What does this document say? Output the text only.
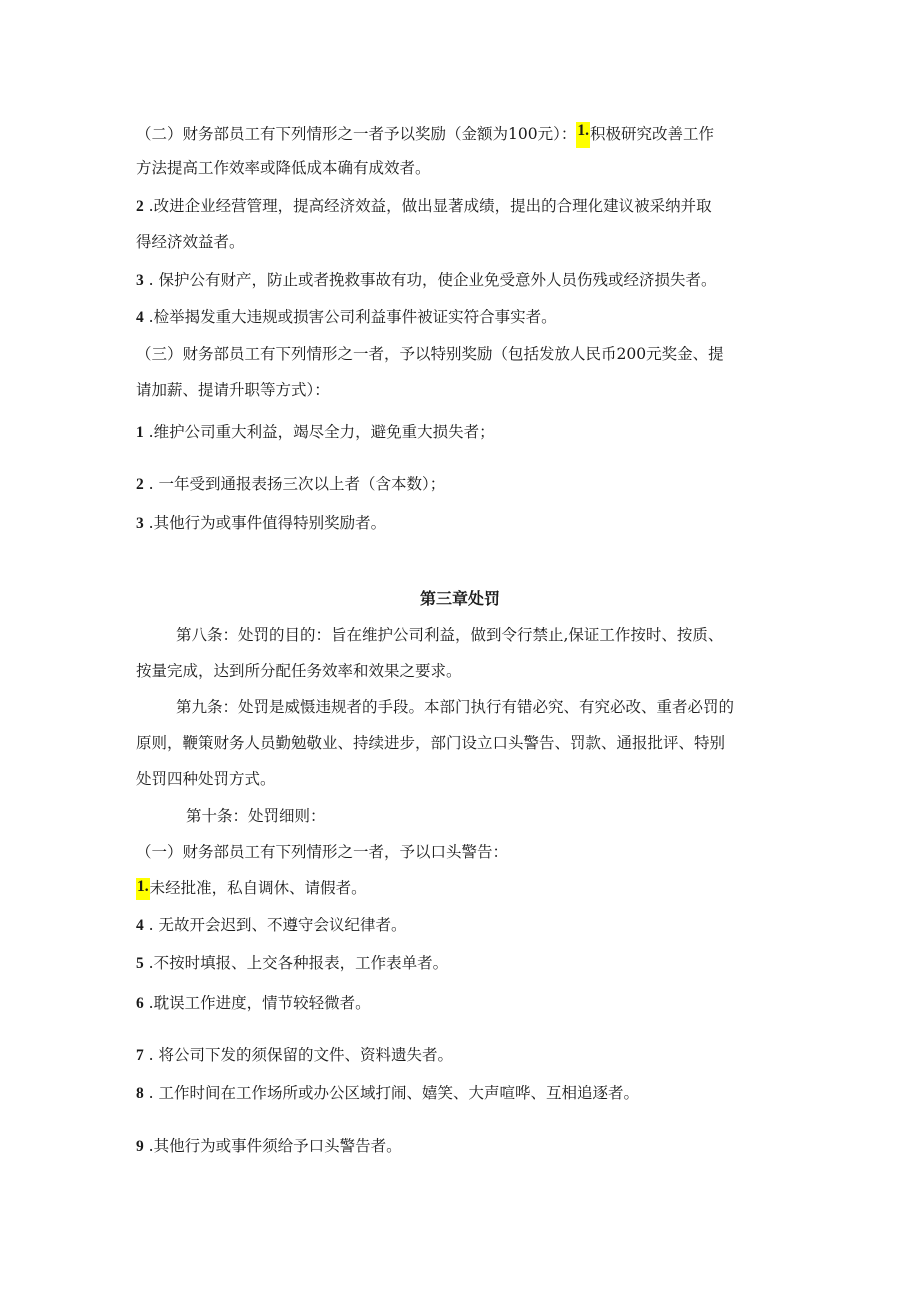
（二）财务部员工有下列情形之一者予以奖励（金额为100元）：1.积极研究改善工作
方法提高工作效率或降低成本确有成效者。
2 .改进企业经营管理，提高经济效益，做出显著成绩，提出的合理化建议被采纳并取
得经济效益者。
3 . 保护公有财产，防止或者挽救事故有功，使企业免受意外人员伤残或经济损失者。
4 .检举揭发重大违规或损害公司利益事件被证实符合事实者。
（三）财务部员工有下列情形之一者，予以特别奖励（包括发放人民币200元奖金、提
请加薪、提请升职等方式）：
1 .维护公司重大利益，竭尽全力，避免重大损失者；
2 . 一年受到通报表扬三次以上者（含本数）；
3 .其他行为或事件值得特别奖励者。
第三章处罚
第八条：处罚的目的：旨在维护公司利益，做到令行禁止,保证工作按时、按质、
按量完成，达到所分配任务效率和效果之要求。
第九条：处罚是威慑违规者的手段。本部门执行有错必究、有究必改、重者必罚的
原则，鞭策财务人员勤勉敬业、持续进步，部门设立口头警告、罚款、通报批评、特别
处罚四种处罚方式。
第十条：处罚细则：
（一）财务部员工有下列情形之一者，予以口头警告：
1.未经批准，私自调休、请假者。
4 . 无故开会迟到、不遵守会议纪律者。
5 .不按时填报、上交各种报表，工作表单者。
6 .耽误工作进度，情节较轻微者。
7 . 将公司下发的须保留的文件、资料遗失者。
8 . 工作时间在工作场所或办公区域打闹、嬉笑、大声喧哗、互相追逐者。
9 .其他行为或事件须给予口头警告者。
